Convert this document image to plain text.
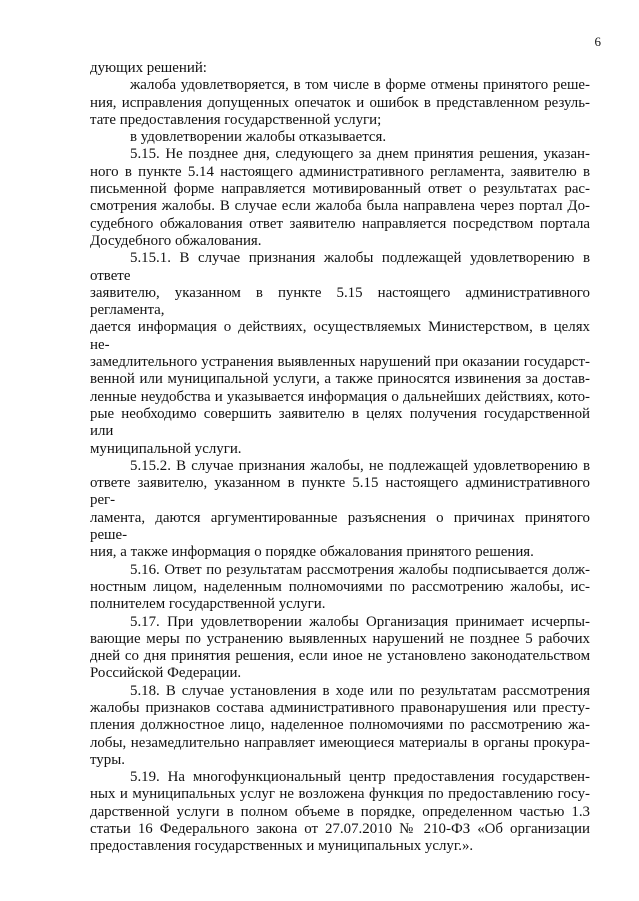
6

дующих решений:

жалоба удовлетворяется, в том числе в форме отмены принятого реше-

ния, исправления допущенных опечаток и ошибок в представленном резуль-

тате предоставления государственной услуги;

в удовлетворении жалобы отказывается.

5.15. Не позднее дня, следующего за днем принятия решения, указан-

ного в пункте 5.14 настоящего административного регламента, заявителю в

письменной форме направляется мотивированный ответ о результатах рас-

смотрения жалобы. В случае если жалоба была направлена через портал До-

судебного обжалования ответ заявителю направляется посредством портала

Досудебного обжалования.

5.15.1. В случае признания жалобы подлежащей удовлетворению в ответе

заявителю, указанном в пункте 5.15 настоящего административного регламента,

дается информация о действиях, осуществляемых Министерством, в целях не-

замедлительного устранения выявленных нарушений при оказании государст-

венной или муниципальной услуги, а также приносятся извинения за достав-

ленные неудобства и указывается информация о дальнейших действиях, кото-

рые необходимо совершить заявителю в целях получения государственной или

муниципальной услуги.

5.15.2. В случае признания жалобы, не подлежащей удовлетворению в

ответе заявителю, указанном в пункте 5.15 настоящего административного рег-

ламента, даются аргументированные разъяснения о причинах принятого реше-

ния, а также информация о порядке обжалования принятого решения.

5.16. Ответ по результатам рассмотрения жалобы подписывается долж-

ностным лицом, наделенным полномочиями по рассмотрению жалобы, ис-

полнителем государственной услуги.

5.17. При удовлетворении жалобы Организация принимает исчерпы-

вающие меры по устранению выявленных нарушений не позднее 5 рабочих

дней со дня принятия решения, если иное не установлено законодательством

Российской Федерации.

5.18. В случае установления в ходе или по результатам рассмотрения

жалобы признаков состава административного правонарушения или престу-

пления должностное лицо, наделенное полномочиями по рассмотрению жа-

лобы, незамедлительно направляет имеющиеся материалы в органы прокура-

туры.

5.19. На многофункциональный центр предоставления государствен-

ных и муниципальных услуг не возложена функция по предоставлению госу-

дарственной услуги в полном объеме в порядке, определенном частью 1.3

статьи 16 Федерального закона от 27.07.2010 № 210-ФЗ «Об организации

предоставления государственных и муниципальных услуг.».
